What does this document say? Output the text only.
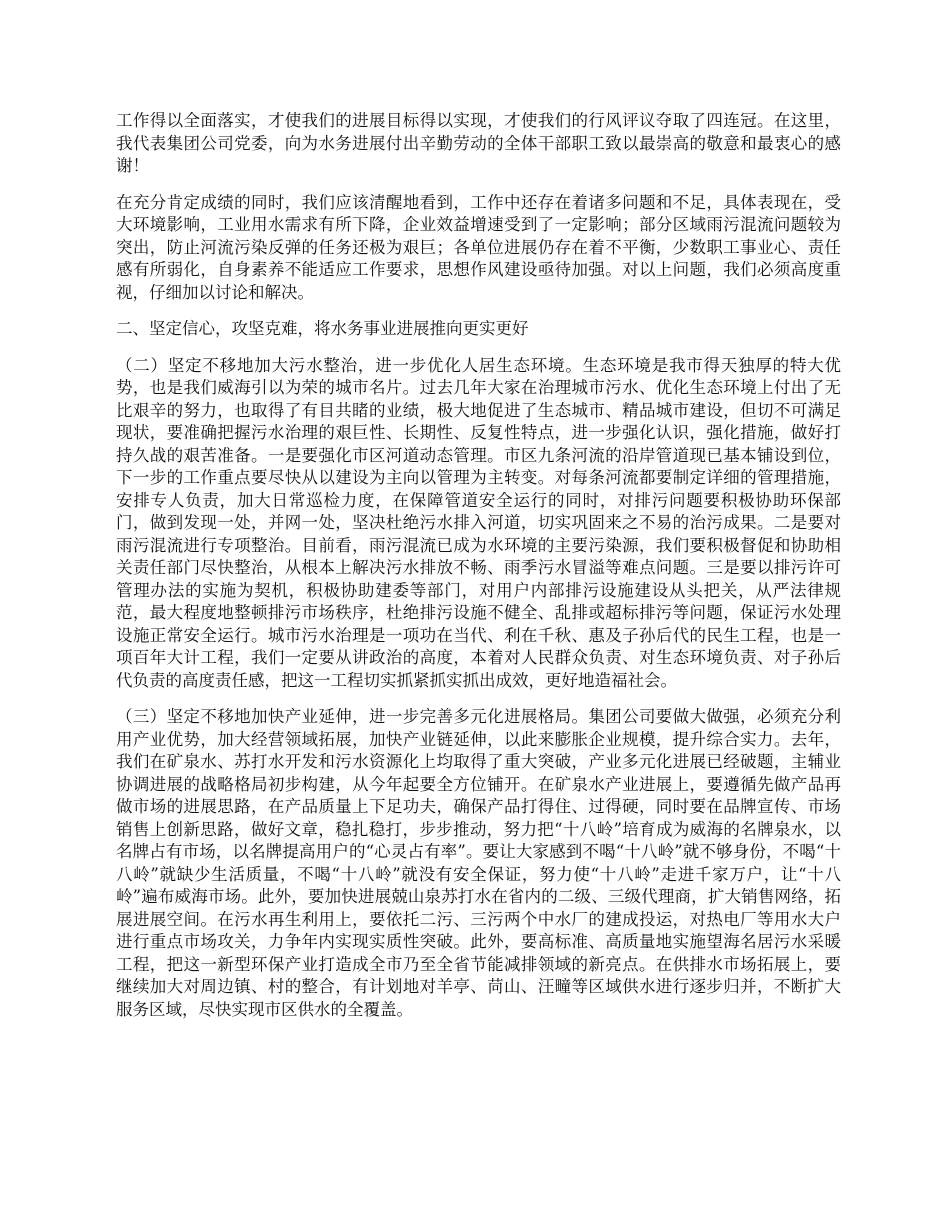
工作得以全面落实，才使我们的进展目标得以实现，才使我们的行风评议夺取了四连冠。在这里，我代表集团公司党委，向为水务进展付出辛勤劳动的全体干部职工致以最崇高的敬意和最衷心的感谢！

在充分肯定成绩的同时，我们应该清醒地看到，工作中还存在着诸多问题和不足，具体表现在，受大环境影响，工业用水需求有所下降，企业效益增速受到了一定影响；部分区域雨污混流问题较为突出，防止河流污染反弹的任务还极为艰巨；各单位进展仍存在着不平衡，少数职工事业心、责任感有所弱化，自身素养不能适应工作要求，思想作风建设亟待加强。对以上问题，我们必须高度重视，仔细加以讨论和解决。

二、坚定信心，攻坚克难，将水务事业进展推向更实更好

（二）坚定不移地加大污水整治，进一步优化人居生态环境。生态环境是我市得天独厚的特大优势，也是我们威海引以为荣的城市名片。过去几年大家在治理城市污水、优化生态环境上付出了无比艰辛的努力，也取得了有目共睹的业绩，极大地促进了生态城市、精品城市建设，但切不可满足现状，要准确把握污水治理的艰巨性、长期性、反复性特点，进一步强化认识，强化措施，做好打持久战的艰苦准备。一是要强化市区河道动态管理。市区九条河流的沿岸管道现已基本铺设到位，下一步的工作重点要尽快从以建设为主向以管理为主转变。对每条河流都要制定详细的管理措施，安排专人负责，加大日常巡检力度，在保障管道安全运行的同时，对排污问题要积极协助环保部门，做到发现一处，并网一处，坚决杜绝污水排入河道，切实巩固来之不易的治污成果。二是要对雨污混流进行专项整治。目前看，雨污混流已成为水环境的主要污染源，我们要积极督促和协助相关责任部门尽快整治，从根本上解决污水排放不畅、雨季污水冒溢等难点问题。三是要以排污许可管理办法的实施为契机，积极协助建委等部门，对用户内部排污设施建设从头把关，从严法律规范，最大程度地整顿排污市场秩序，杜绝排污设施不健全、乱排或超标排污等问题，保证污水处理设施正常安全运行。城市污水治理是一项功在当代、利在千秋、惠及子孙后代的民生工程，也是一项百年大计工程，我们一定要从讲政治的高度，本着对人民群众负责、对生态环境负责、对子孙后代负责的高度责任感，把这一工程切实抓紧抓实抓出成效，更好地造福社会。

（三）坚定不移地加快产业延伸，进一步完善多元化进展格局。集团公司要做大做强，必须充分利用产业优势，加大经营领域拓展，加快产业链延伸，以此来膨胀企业规模，提升综合实力。去年，我们在矿泉水、苏打水开发和污水资源化上均取得了重大突破，产业多元化进展已经破题，主辅业协调进展的战略格局初步构建，从今年起要全方位铺开。在矿泉水产业进展上，要遵循先做产品再做市场的进展思路，在产品质量上下足功夫，确保产品打得住、过得硬，同时要在品牌宣传、市场销售上创新思路，做好文章，稳扎稳打，步步推动，努力把“十八岭”培育成为威海的名牌泉水，以名牌占有市场，以名牌提高用户的“心灵占有率”。要让大家感到不喝“十八岭”就不够身份，不喝“十八岭”就缺少生活质量，不喝“十八岭”就没有安全保证，努力使“十八岭”走进千家万户，让“十八岭”遍布威海市场。此外，要加快进展兢山泉苏打水在省内的二级、三级代理商，扩大销售网络，拓展进展空间。在污水再生利用上，要依托二污、三污两个中水厂的建成投运，对热电厂等用水大户进行重点市场攻关，力争年内实现实质性突破。此外，要高标准、高质量地实施望海名居污水采暖工程，把这一新型环保产业打造成全市乃至全省节能减排领域的新亮点。在供排水市场拓展上，要继续加大对周边镇、村的整合，有计划地对羊亭、苘山、汪疃等区域供水进行逐步归并，不断扩大服务区域，尽快实现市区供水的全覆盖。
